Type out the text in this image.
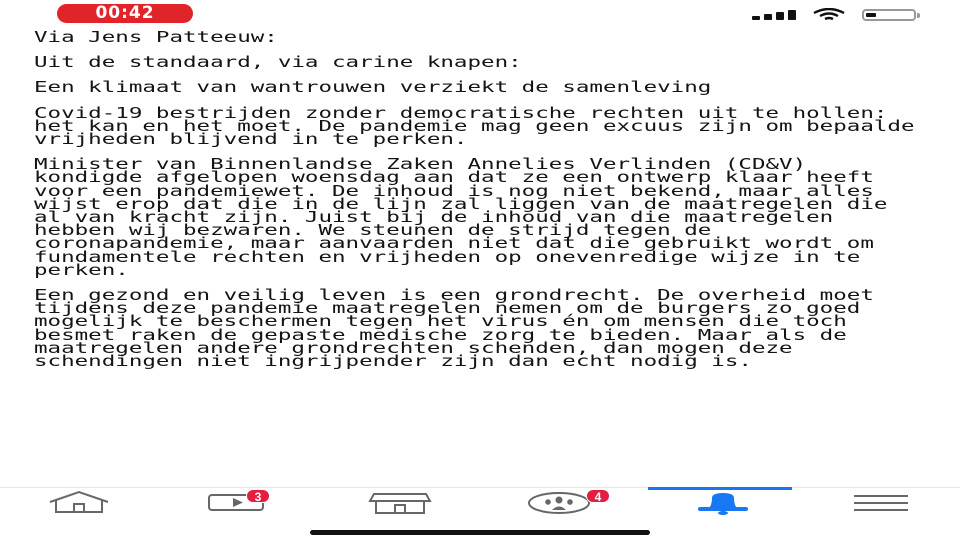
00:42

Via Jens Patteeuw:

Uit de standaard, via carine knapen:

Een klimaat van wantrouwen verziekt de samenleving

Covid-19 bestrijden zonder democratische rechten uit te hollen: het kan en het moet. De pandemie mag geen excuus zijn om bepaalde vrijheden blijvend in te perken.

Minister van Binnenlandse Zaken Annelies Verlinden (CD&V) kondigde afgelopen woensdag aan dat ze een ontwerp klaar heeft voor een pandemiewet. De inhoud is nog niet bekend, maar alles wijst erop dat die in de lijn zal liggen van de maatregelen die al van kracht zijn. Juist bij de inhoud van die maatregelen hebben wij bezwaren. We steunen de strijd tegen de coronapandemie, maar aanvaarden niet dat die gebruikt wordt om fundamentele rechten en vrijheden op onevenredige wijze in te perken.

Een gezond en veilig leven is een grondrecht. De overheid moet tijdens deze pandemie maatregelen nemen om de burgers zo goed mogelijk te beschermen tegen het virus én om mensen die toch besmet raken de gepaste medische zorg te bieden. Maar als de maatregelen andere grondrechten schenden, dan mogen deze schendingen niet ingrijpender zijn dan echt nodig is.

3	4
